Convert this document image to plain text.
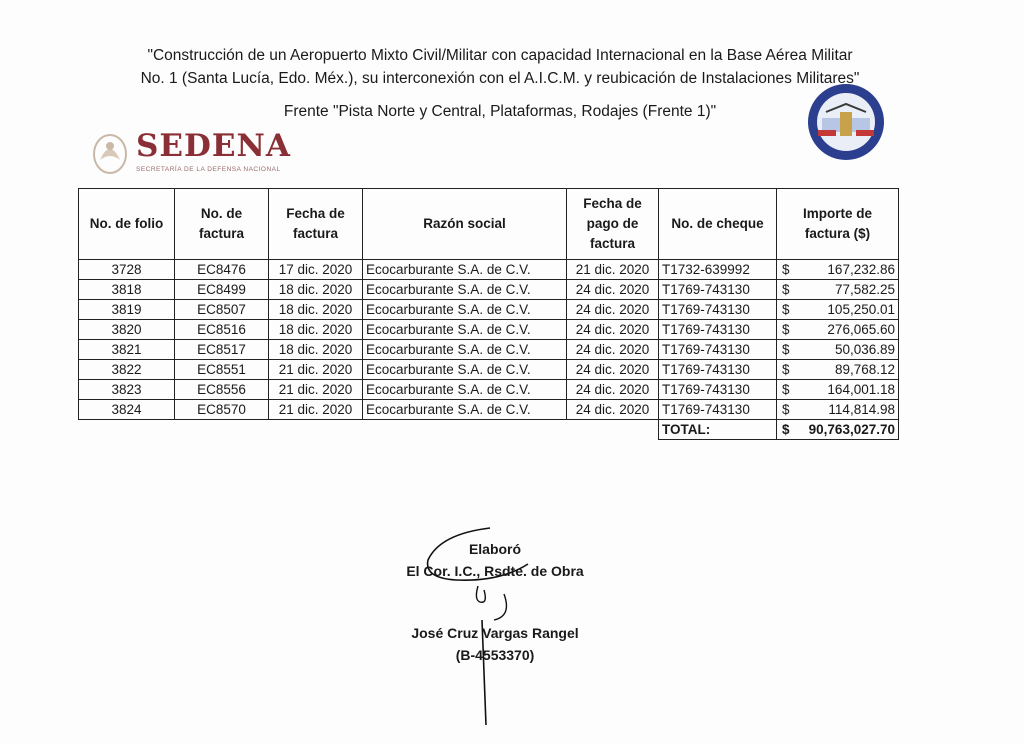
"Construcción de un Aeropuerto Mixto Civil/Militar con capacidad Internacional en la Base Aérea Militar
No. 1 (Santa Lucía, Edo. Méx.), su interconexión con el A.I.C.M. y reubicación de Instalaciones Militares"
Frente "Pista Norte y Central, Plataformas, Rodajes (Frente 1)"
SEDENA
SECRETARÍA DE LA DEFENSA NACIONAL
No. de folio	No. de factura	Fecha de factura	Razón social	Fecha de pago de factura	No. de cheque	Importe de factura ($)
3728	EC8476	17 dic. 2020	Ecocarburante S.A. de C.V.	21 dic. 2020	T1732-639992	$ 167,232.86
3818	EC8499	18 dic. 2020	Ecocarburante S.A. de C.V.	24 dic. 2020	T1769-743130	$ 77,582.25
3819	EC8507	18 dic. 2020	Ecocarburante S.A. de C.V.	24 dic. 2020	T1769-743130	$ 105,250.01
3820	EC8516	18 dic. 2020	Ecocarburante S.A. de C.V.	24 dic. 2020	T1769-743130	$ 276,065.60
3821	EC8517	18 dic. 2020	Ecocarburante S.A. de C.V.	24 dic. 2020	T1769-743130	$ 50,036.89
3822	EC8551	21 dic. 2020	Ecocarburante S.A. de C.V.	24 dic. 2020	T1769-743130	$ 89,768.12
3823	EC8556	21 dic. 2020	Ecocarburante S.A. de C.V.	24 dic. 2020	T1769-743130	$ 164,001.18
3824	EC8570	21 dic. 2020	Ecocarburante S.A. de C.V.	24 dic. 2020	T1769-743130	$ 114,814.98
					TOTAL:	$ 90,763,027.70
Elaboró
El Cor. I.C., Rsdte. de Obra
José Cruz Vargas Rangel
(B-4553370)
